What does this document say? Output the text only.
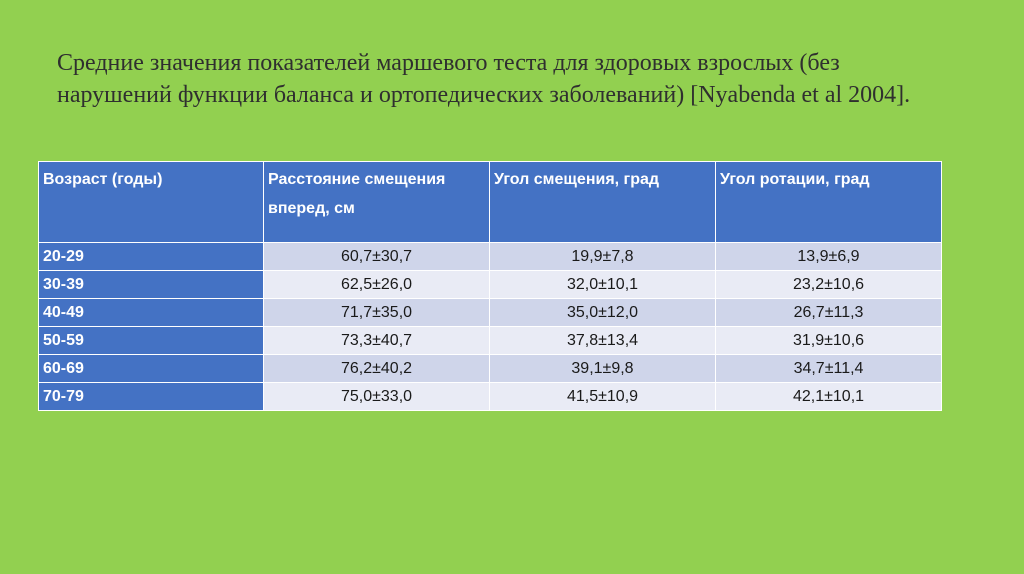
Средние значения показателей маршевого теста для здоровых взрослых (без
нарушений функции баланса и ортопедических заболеваний) [Nyabenda et al 2004].

Возраст (годы)	Расстояние смещения вперед, см	Угол смещения, град	Угол ротации, град
20-29	60,7±30,7	19,9±7,8	13,9±6,9
30-39	62,5±26,0	32,0±10,1	23,2±10,6
40-49	71,7±35,0	35,0±12,0	26,7±11,3
50-59	73,3±40,7	37,8±13,4	31,9±10,6
60-69	76,2±40,2	39,1±9,8	34,7±11,4
70-79	75,0±33,0	41,5±10,9	42,1±10,1
